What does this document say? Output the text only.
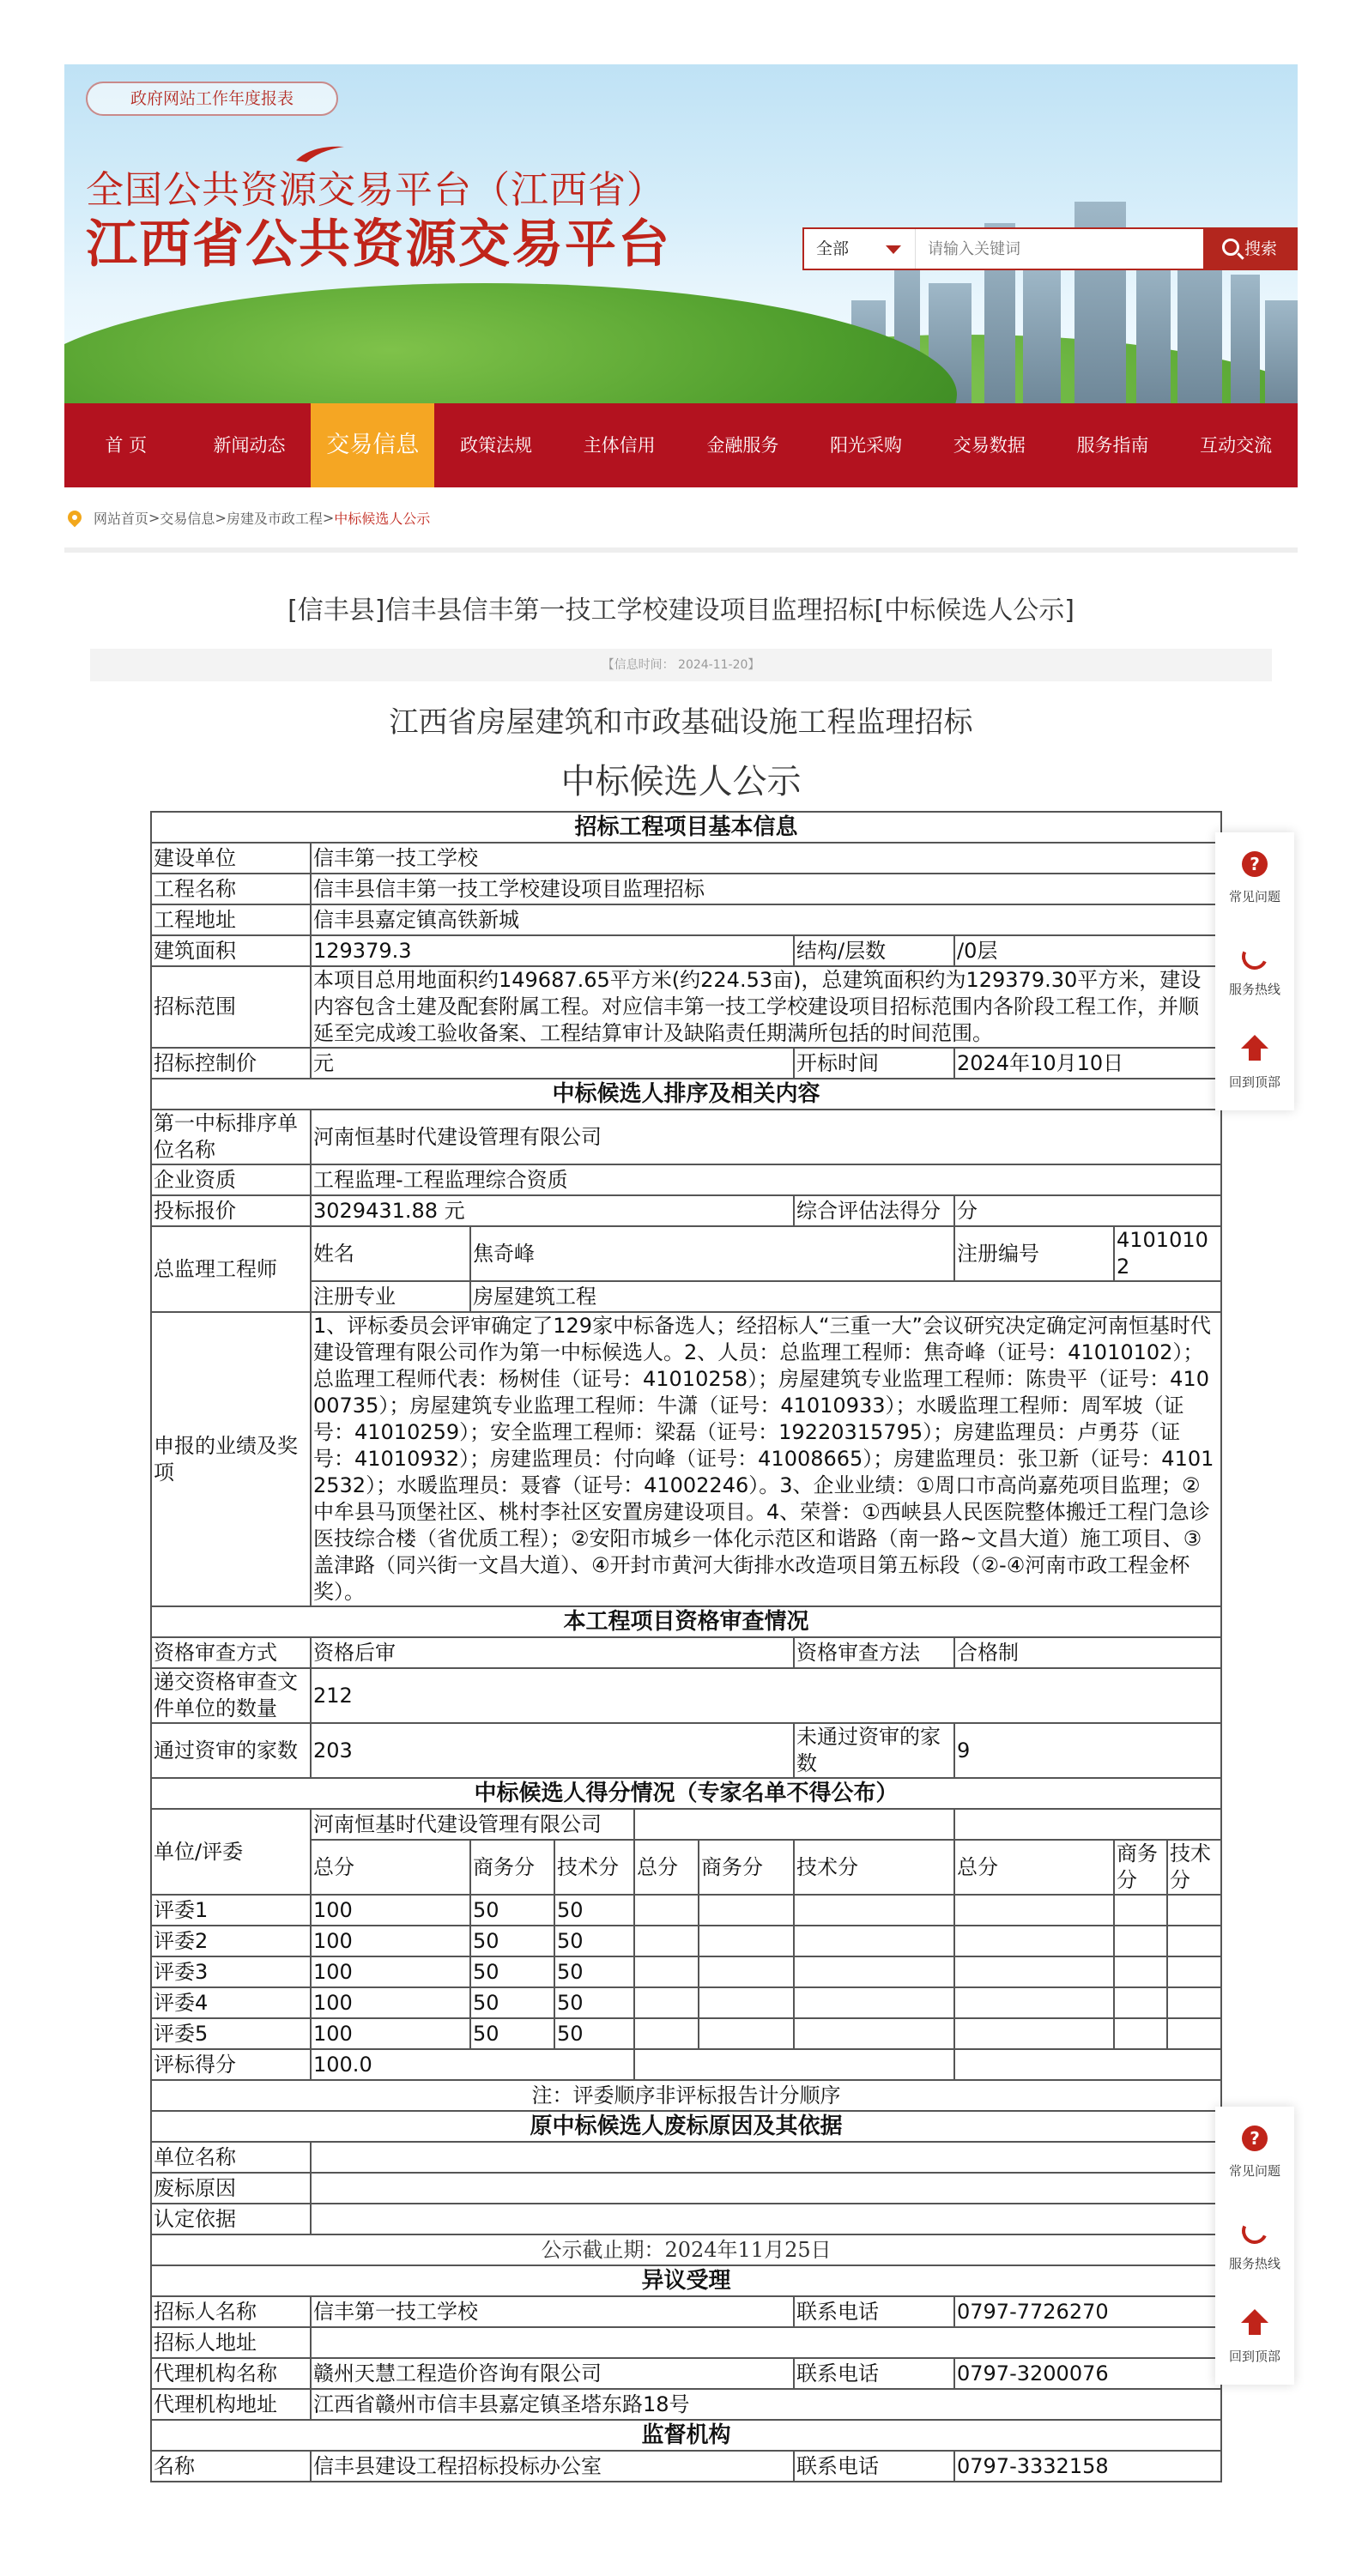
政府网站工作年度报表
全国公共资源交易平台（江西省）
江西省公共资源交易平台	全部
请输入关键词	搜索
首 页	新闻动态	交易信息	政策法规	主体信用	金融服务	阳光采购	交易数据	服务指南	互动交流
网站首页 > 交易信息 > 房建及市政工程 > 中标候选人公示
[信丰县]信丰县信丰第一技工学校建设项目监理招标[中标候选人公示]
【信息时间： 2024-11-20】
江西省房屋建筑和市政基础设施工程监理招标
中标候选人公示
招标工程项目基本信息									
建设单位	信丰第一技工学校								
工程名称	信丰县信丰第一技工学校建设项目监理招标								
工程地址	信丰县嘉定镇高铁新城								
建筑面积	129379.3					结构/层数	/0层		
招标范围	本项目总用地面积约149687.65平方米(约224.53亩)，总建筑面积约为129379.30平方米，建设内容包含土建及配套附属工程。对应信丰第一技工学校建设项目招标范围内各阶段工程工作，并顺延至完成竣工验收备案、工程结算审计及缺陷责任期满所包括的时间范围。								
招标控制价	元					开标时间	2024年10月10日		
中标候选人排序及相关内容									
第一中标排序单位名称	河南恒基时代建设管理有限公司								
企业资质	工程监理-工程监理综合资质								
投标报价	3029431.88 元					综合评估法得分	分		
总监理工程师	姓名	焦奇峰					注册编号	41010102	
	注册专业	房屋建筑工程							
申报的业绩及奖项	1、评标委员会评审确定了129家中标备选人；经招标人“三重一大”会议研究决定确定河南恒基时代建设管理有限公司作为第一中标候选人。2、人员：总监理工程师：焦奇峰（证号：41010102）；总监理工程师代表：杨树佳（证号：41010258）；房屋建筑专业监理工程师：陈贵平（证号：41000735）；房屋建筑专业监理工程师：牛潇（证号：41010933）；水暖监理工程师：周军坡（证号：41010259）；安全监理工程师：梁磊（证号：19220315795）；房建监理员：卢勇芬（证号：41010932）；房建监理员：付向峰（证号：41008665）；房建监理员：张卫新（证号：41012532）；水暖监理员：聂睿（证号：41002246）。3、企业业绩：①周口市高尚嘉苑项目监理；②中牟县马顶堡社区、桃村李社区安置房建设项目。4、荣誉：①西峡县人民医院整体搬迁工程门急诊医技综合楼（省优质工程）；②安阳市城乡一体化示范区和谐路（南一路~文昌大道）施工项目、③盖津路（同兴街一文昌大道）、④开封市黄河大街排水改造项目第五标段（②-④河南市政工程金杯奖）。								
本工程项目资格审查情况									
资格审查方式	资格后审					资格审查方法	合格制		
递交资格审查文件单位的数量	212								
通过资审的家数	203					未通过资审的家数	9		
中标候选人得分情况（专家名单不得公布）									
单位/评委	河南恒基时代建设管理有限公司								
	总分	商务分	技术分	总分	商务分	技术分	总分	商务分	技术分
评委1	100	50	50						
评委2	100	50	50						
评委3	100	50	50						
评委4	100	50	50						
评委5	100	50	50						
评标得分	100.0								
注：评委顺序非评标报告计分顺序									
原中标候选人废标原因及其依据									
单位名称									
废标原因									
认定依据									
公示截止期：2024年11月25日									
异议受理									
招标人名称	信丰第一技工学校					联系电话	0797-7726270		
招标人地址									
代理机构名称	赣州天慧工程造价咨询有限公司					联系电话	0797-3200076		
代理机构地址	江西省赣州市信丰县嘉定镇圣塔东路18号								
监督机构									
名称	信丰县建设工程招标投标办公室					联系电话	0797-3332158		
?
常见问题
服务热线
回到顶部
?
常见问题
服务热线
回到顶部
